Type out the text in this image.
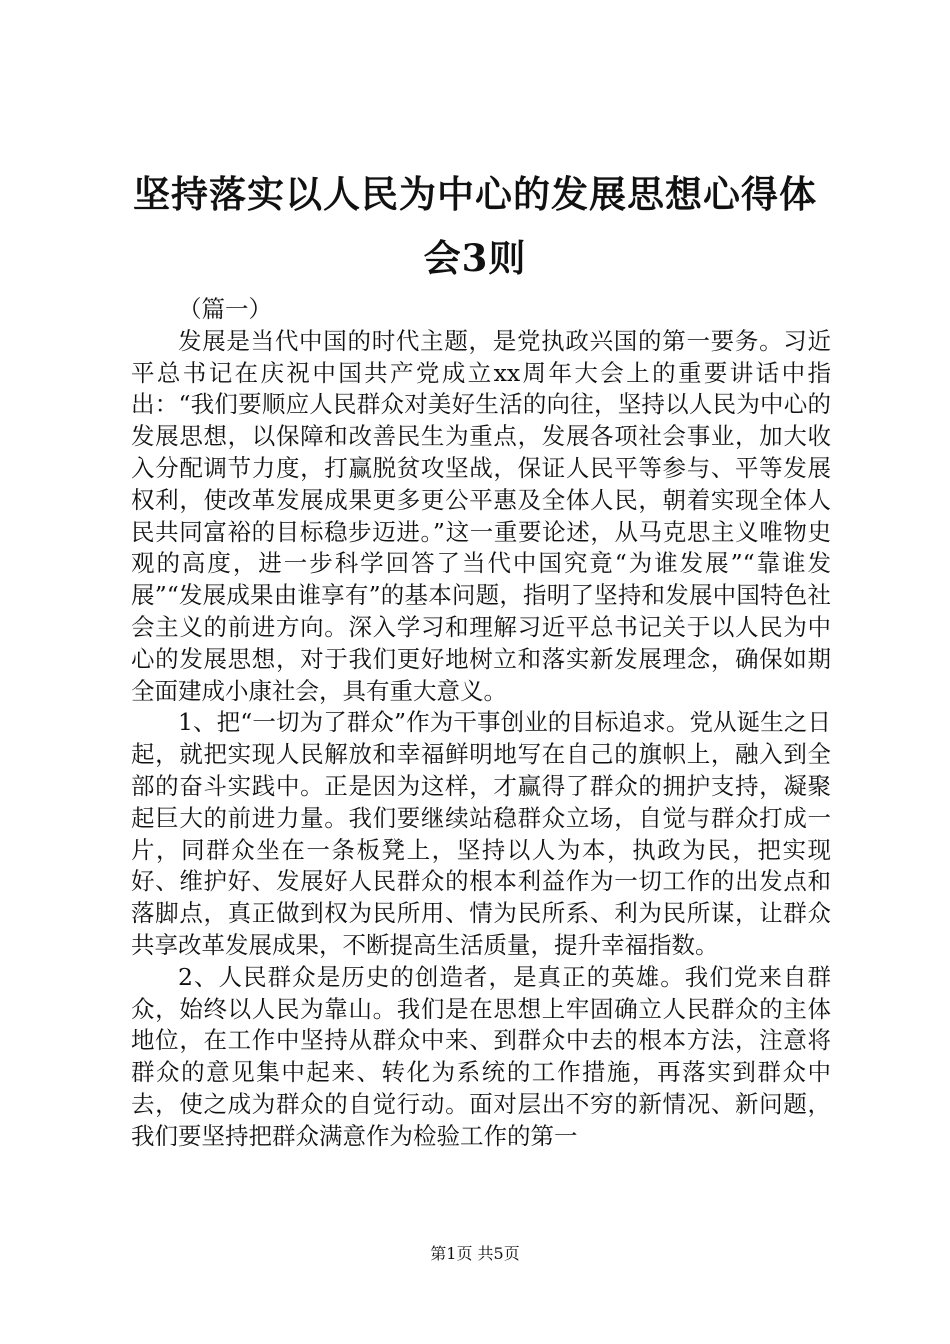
坚持落实以人民为中心的发展思想心得体会3则

（篇一）

发展是当代中国的时代主题，是党执政兴国的第一要务。习近平总书记在庆祝中国共产党成立xx周年大会上的重要讲话中指出：“我们要顺应人民群众对美好生活的向往，坚持以人民为中心的发展思想，以保障和改善民生为重点，发展各项社会事业，加大收入分配调节力度，打赢脱贫攻坚战，保证人民平等参与、平等发展权利，使改革发展成果更多更公平惠及全体人民，朝着实现全体人民共同富裕的目标稳步迈进。”这一重要论述，从马克思主义唯物史观的高度，进一步科学回答了当代中国究竟“为谁发展”“靠谁发展”“发展成果由谁享有”的基本问题，指明了坚持和发展中国特色社会主义的前进方向。深入学习和理解习近平总书记关于以人民为中心的发展思想，对于我们更好地树立和落实新发展理念，确保如期全面建成小康社会，具有重大意义。

1、把“一切为了群众”作为干事创业的目标追求。党从诞生之日起，就把实现人民解放和幸福鲜明地写在自己的旗帜上，融入到全部的奋斗实践中。正是因为这样，才赢得了群众的拥护支持，凝聚起巨大的前进力量。我们要继续站稳群众立场，自觉与群众打成一片，同群众坐在一条板凳上，坚持以人为本，执政为民，把实现好、维护好、发展好人民群众的根本利益作为一切工作的出发点和落脚点，真正做到权为民所用、情为民所系、利为民所谋，让群众共享改革发展成果，不断提高生活质量，提升幸福指数。

2、人民群众是历史的创造者，是真正的英雄。我们党来自群众，始终以人民为靠山。我们是在思想上牢固确立人民群众的主体地位，在工作中坚持从群众中来、到群众中去的根本方法，注意将群众的意见集中起来、转化为系统的工作措施，再落实到群众中去，使之成为群众的自觉行动。面对层出不穷的新情况、新问题，我们要坚持把群众满意作为检验工作的第一

第1页 共5页
